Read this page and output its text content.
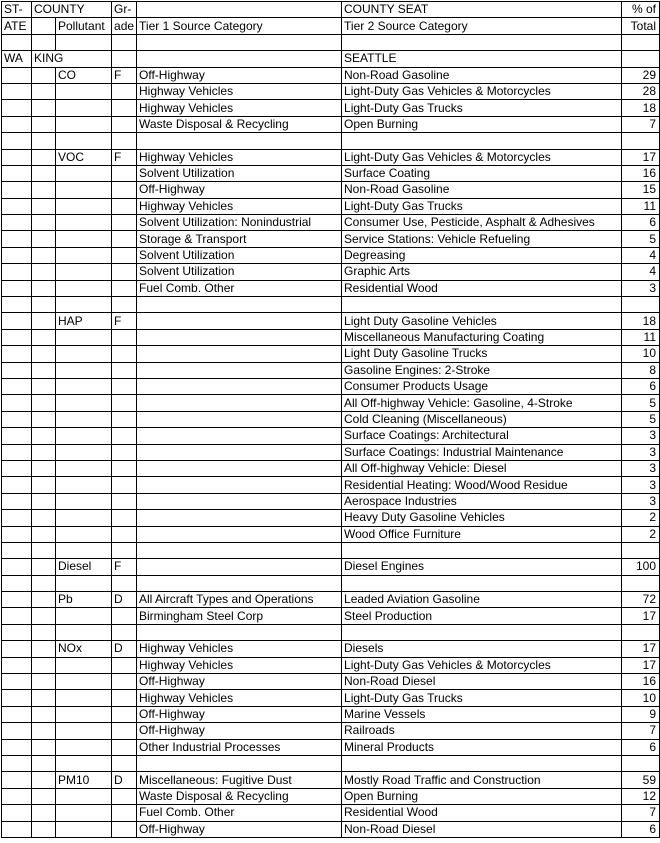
ST-	COUNTY		Gr-		COUNTY SEAT	% of
ATE		Pollutant	ade	Tier 1 Source Category	Tier 2 Source Category	Total

WA	KING				SEATTLE	
		CO	F	Off-Highway	Non-Road Gasoline	29
				Highway Vehicles	Light-Duty Gas Vehicles & Motorcycles	28
				Highway Vehicles	Light-Duty Gas Trucks	18
				Waste Disposal & Recycling	Open Burning	7

		VOC	F	Highway Vehicles	Light-Duty Gas Vehicles & Motorcycles	17
				Solvent Utilization	Surface Coating	16
				Off-Highway	Non-Road Gasoline	15
				Highway Vehicles	Light-Duty Gas Trucks	11
				Solvent Utilization: Nonindustrial	Consumer Use, Pesticide, Asphalt & Adhesives	6
				Storage & Transport	Service Stations: Vehicle Refueling	5
				Solvent Utilization	Degreasing	4
				Solvent Utilization	Graphic Arts	4
				Fuel Comb. Other	Residential Wood	3

		HAP	F		Light Duty Gasoline Vehicles	18
					Miscellaneous Manufacturing Coating	11
					Light Duty Gasoline Trucks	10
					Gasoline Engines: 2-Stroke	8
					Consumer Products Usage	6
					All Off-highway Vehicle: Gasoline, 4-Stroke	5
					Cold Cleaning (Miscellaneous)	5
					Surface Coatings: Architectural	3
					Surface Coatings: Industrial Maintenance	3
					All Off-highway Vehicle: Diesel	3
					Residential Heating: Wood/Wood Residue	3
					Aerospace Industries	3
					Heavy Duty Gasoline Vehicles	2
					Wood Office Furniture	2

		Diesel	F		Diesel Engines	100

		Pb	D	All Aircraft Types and Operations	Leaded Aviation Gasoline	72
				Birmingham Steel Corp	Steel Production	17

		NOx	D	Highway Vehicles	Diesels	17
				Highway Vehicles	Light-Duty Gas Vehicles & Motorcycles	17
				Off-Highway	Non-Road Diesel	16
				Highway Vehicles	Light-Duty Gas Trucks	10
				Off-Highway	Marine Vessels	9
				Off-Highway	Railroads	7
				Other Industrial Processes	Mineral Products	6

		PM10	D	Miscellaneous: Fugitive Dust	Mostly Road Traffic and Construction	59
				Waste Disposal & Recycling	Open Burning	12
				Fuel Comb. Other	Residential Wood	7
				Off-Highway	Non-Road Diesel	6
